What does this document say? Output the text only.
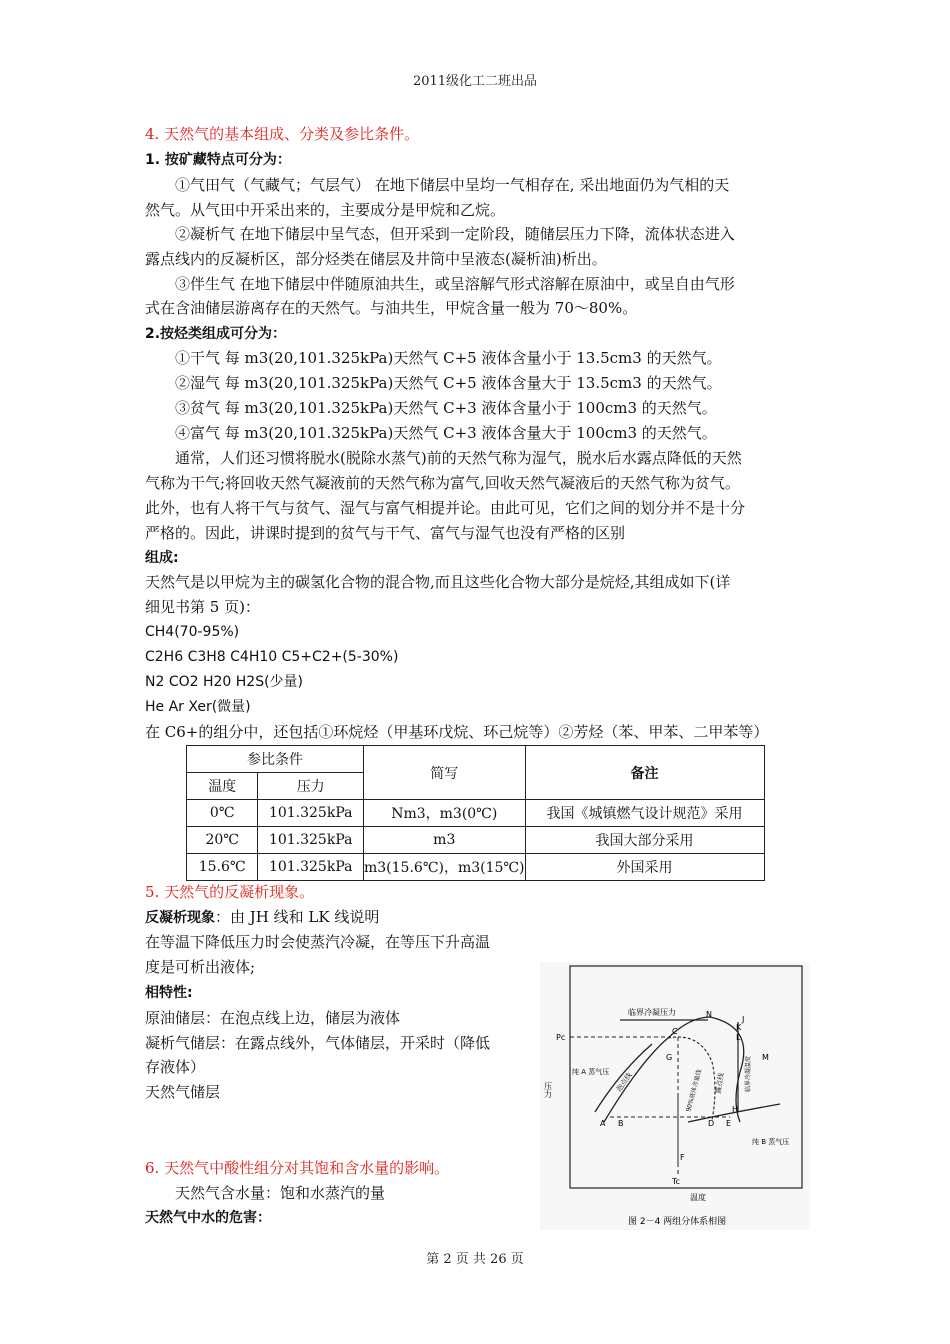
2011级化工二班出品
4. 天然气的基本组成、分类及参比条件。
1. 按矿藏特点可分为：
①气田气（气藏气；气层气） 在地下储层中呈均一气相存在, 采出地面仍为气相的天
然气。从气田中开采出来的，主要成分是甲烷和乙烷。
②凝析气 在地下储层中呈气态，但开采到一定阶段，随储层压力下降，流体状态进入
露点线内的反凝析区，部分烃类在储层及井筒中呈液态(凝析油)析出。
③伴生气 在地下储层中伴随原油共生，或呈溶解气形式溶解在原油中，或呈自由气形
式在含油储层游离存在的天然气。与油共生，甲烷含量一般为 70～80%。
2.按烃类组成可分为：
①干气 每 m3(20,101.325kPa)天然气 C+5 液体含量小于 13.5cm3 的天然气。
②湿气 每 m3(20,101.325kPa)天然气 C+5 液体含量大于 13.5cm3 的天然气。
③贫气 每 m3(20,101.325kPa)天然气 C+3 液体含量小于 100cm3 的天然气。
④富气 每 m3(20,101.325kPa)天然气 C+3 液体含量大于 100cm3 的天然气。
通常，人们还习惯将脱水(脱除水蒸气)前的天然气称为湿气，脱水后水露点降低的天然
气称为干气;将回收天然气凝液前的天然气称为富气,回收天然气凝液后的天然气称为贫气。
此外，也有人将干气与贫气、湿气与富气相提并论。由此可见，它们之间的划分并不是十分
严格的。因此，讲课时提到的贫气与干气、富气与湿气也没有严格的区别
组成:
天然气是以甲烷为主的碳氢化合物的混合物,而且这些化合物大部分是烷烃,其组成如下(详
细见书第 5 页)：
CH4(70-95%)
C2H6 C3H8 C4H10 C5+C2+(5-30%)
N2 CO2 H20 H2S(少量)
He Ar Xer(微量)
在 C6+的组分中，还包括①环烷烃（甲基环戊烷、环己烷等）②芳烃（苯、甲苯、二甲苯等）
参比条件		简写	备注
温度	压力		
0℃	101.325kPa	Nm3，m3(0℃)	我国《城镇燃气设计规范》采用
20℃	101.325kPa	m3	我国大部分采用
15.6℃	101.325kPa	m3(15.6℃)，m3(15℃)	外国采用
5. 天然气的反凝析现象。
反凝析现象：由 JH 线和 LK 线说明
在等温下降低压力时会使蒸汽冷凝，在等压下升高温
度是可析出液体;
相特性:
原油储层：在泡点线上边，储层为液体
凝析气储层：在露点线外，气体储层，开采时（降低
存液体）
天然气储层
6. 天然气中酸性组分对其饱和含水量的影响。
天然气含水量：饱和水蒸汽的量
天然气中水的危害：
临界冷凝压力
Pc
Tc
压力
温度
纯 A 蒸气压
纯 B 蒸气压
泡点线	露点线
90%液体含量线	临界冷凝温度
N
K
J
L
M
C
G
H
A B	D E
F
图 2－4 两组分体系相图
第 2 页 共 26 页
